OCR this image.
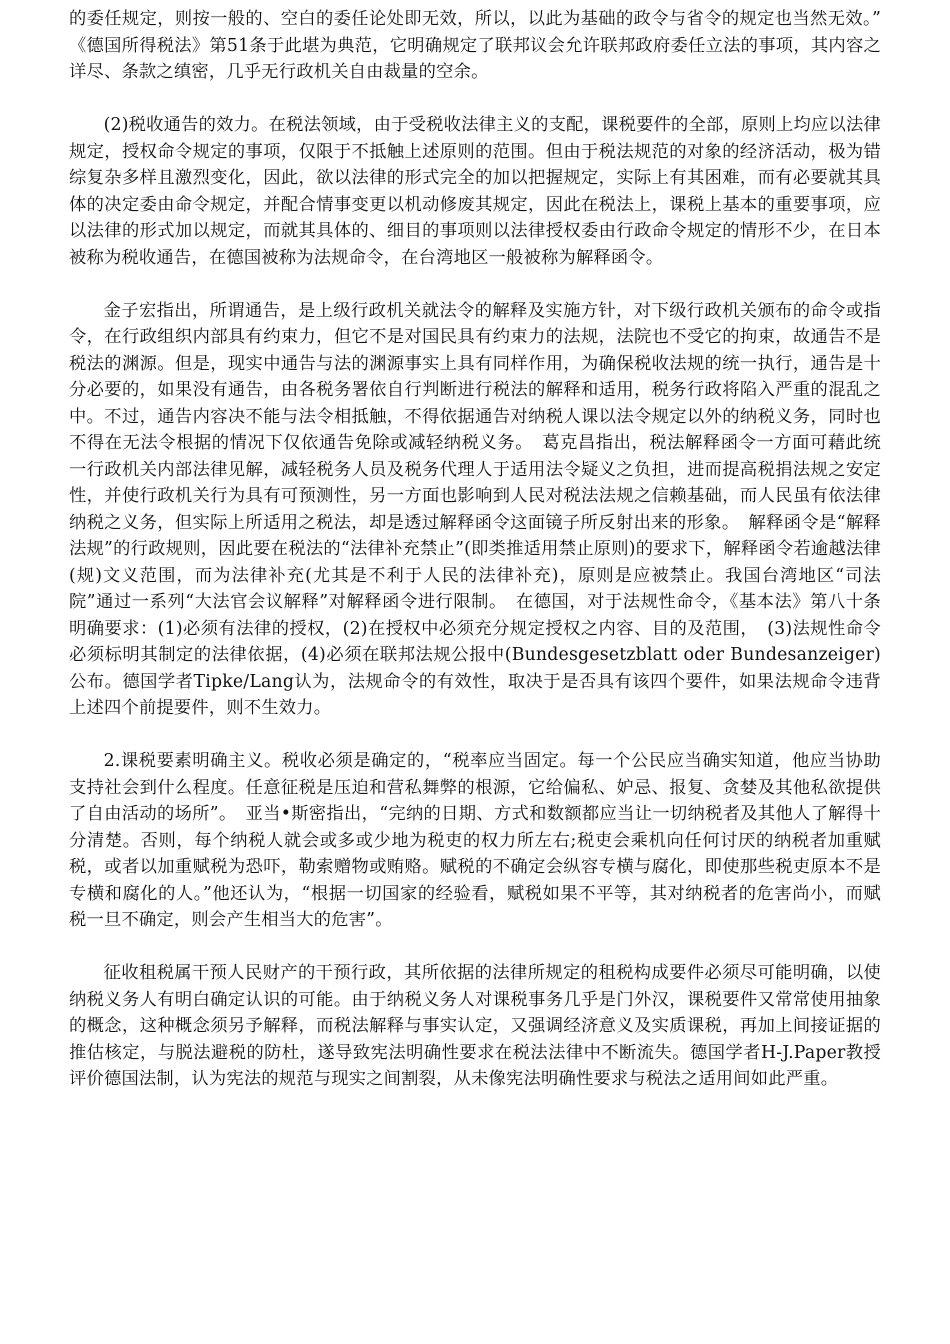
的委任规定，则按一般的、空白的委任论处即无效，所以，以此为基础的政令与省令的规定也当然无效。”　《德国所得税法》第51条于此堪为典范，它明确规定了联邦议会允许联邦政府委任立法的事项，其内容之详尽、条款之缜密，几乎无行政机关自由裁量的空余。

(2)税收通告的效力。在税法领域，由于受税收法律主义的支配，课税要件的全部，原则上均应以法律规定，授权命令规定的事项，仅限于不抵触上述原则的范围。但由于税法规范的对象的经济活动，极为错综复杂多样且激烈变化，因此，欲以法律的形式完全的加以把握规定，实际上有其困难，而有必要就其具体的决定委由命令规定，并配合情事变更以机动修废其规定，因此在税法上，课税上基本的重要事项，应以法律的形式加以规定，而就其具体的、细目的事项则以法律授权委由行政命令规定的情形不少，在日本被称为税收通告，在德国被称为法规命令，在台湾地区一般被称为解释函令。

金子宏指出，所谓通告，是上级行政机关就法令的解释及实施方针，对下级行政机关颁布的命令或指令，在行政组织内部具有约束力，但它不是对国民具有约束力的法规，法院也不受它的拘束，故通告不是税法的渊源。但是，现实中通告与法的渊源事实上具有同样作用，为确保税收法规的统一执行，通告是十分必要的，如果没有通告，由各税务署依自行判断进行税法的解释和适用，税务行政将陷入严重的混乱之中。不过，通告内容决不能与法令相抵触，不得依据通告对纳税人课以法令规定以外的纳税义务，同时也不得在无法令根据的情况下仅依通告免除或减轻纳税义务。　葛克昌指出，税法解释函令一方面可藉此统一行政机关内部法律见解，减轻税务人员及税务代理人于适用法令疑义之负担，进而提高税捐法规之安定性，并使行政机关行为具有可预测性，另一方面也影响到人民对税法法规之信赖基础，而人民虽有依法律纳税之义务，但实际上所适用之税法，却是透过解释函令这面镜子所反射出来的形象。　解释函令是“解释法规”的行政规则，因此要在税法的“法律补充禁止”(即类推适用禁止原则)的要求下，解释函令若逾越法律(规)文义范围，而为法律补充(尤其是不利于人民的法律补充)，原则是应被禁止。我国台湾地区“司法院”通过一系列“大法官会议解释”对解释函令进行限制。　在德国，对于法规性命令，《基本法》第八十条明确要求：(1)必须有法律的授权，(2)在授权中必须充分规定授权之内容、目的及范围，　(3)法规性命令必须标明其制定的法律依据，(4)必须在联邦法规公报中(Bundesgesetzblatt oder Bundesanzeiger)公布。德国学者Tipke/Lang认为，法规命令的有效性，取决于是否具有该四个要件，如果法规命令违背上述四个前提要件，则不生效力。

2.课税要素明确主义。税收必须是确定的，“税率应当固定。每一个公民应当确实知道，他应当协助支持社会到什么程度。任意征税是压迫和营私舞弊的根源，它给偏私、妒忌、报复、贪婪及其他私欲提供了自由活动的场所”。　亚当•斯密指出，“完纳的日期、方式和数额都应当让一切纳税者及其他人了解得十分清楚。否则，每个纳税人就会或多或少地为税吏的权力所左右;税吏会乘机向任何讨厌的纳税者加重赋税，或者以加重赋税为恐吓，勒索赠物或贿赂。赋税的不确定会纵容专横与腐化，即使那些税吏原本不是专横和腐化的人。”他还认为，“根据一切国家的经验看，赋税如果不平等，其对纳税者的危害尚小，而赋税一旦不确定，则会产生相当大的危害”。

征收租税属干预人民财产的干预行政，其所依据的法律所规定的租税构成要件必须尽可能明确，以使纳税义务人有明白确定认识的可能。由于纳税义务人对课税事务几乎是门外汉，课税要件又常常使用抽象的概念，这种概念须另予解释，而税法解释与事实认定，又强调经济意义及实质课税，再加上间接证据的推估核定，与脱法避税的防杜，遂导致宪法明确性要求在税法法律中不断流失。德国学者H-J.Paper教授评价德国法制，认为宪法的规范与现实之间割裂，从未像宪法明确性要求与税法之适用间如此严重。
